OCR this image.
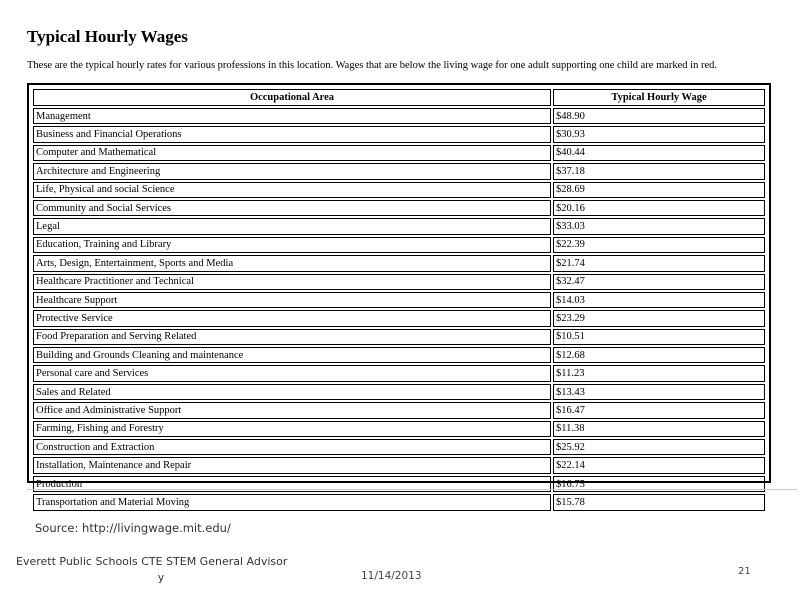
Typical Hourly Wages
These are the typical hourly rates for various professions in this location. Wages that are below the living wage for one adult supporting one child are marked in red.
Occupational Area	Typical Hourly Wage
Management	$48.90
Business and Financial Operations	$30.93
Computer and Mathematical	$40.44
Architecture and Engineering	$37.18
Life, Physical and social Science	$28.69
Community and Social Services	$20.16
Legal	$33.03
Education, Training and Library	$22.39
Arts, Design, Entertainment, Sports and Media	$21.74
Healthcare Practitioner and Technical	$32.47
Healthcare Support	$14.03
Protective Service	$23.29
Food Preparation and Serving Related	$10.51
Building and Grounds Cleaning and maintenance	$12.68
Personal care and Services	$11.23
Sales and Related	$13.43
Office and Administrative Support	$16.47
Farming, Fishing and Forestry	$11.38
Construction and Extraction	$25.92
Installation, Maintenance and Repair	$22.14
Production	$16.75
Transportation and Material Moving	$15.78
Source: http://livingwage.mit.edu/
Everett Public Schools CTE STEM General Advisor
y	11/14/2013	21
